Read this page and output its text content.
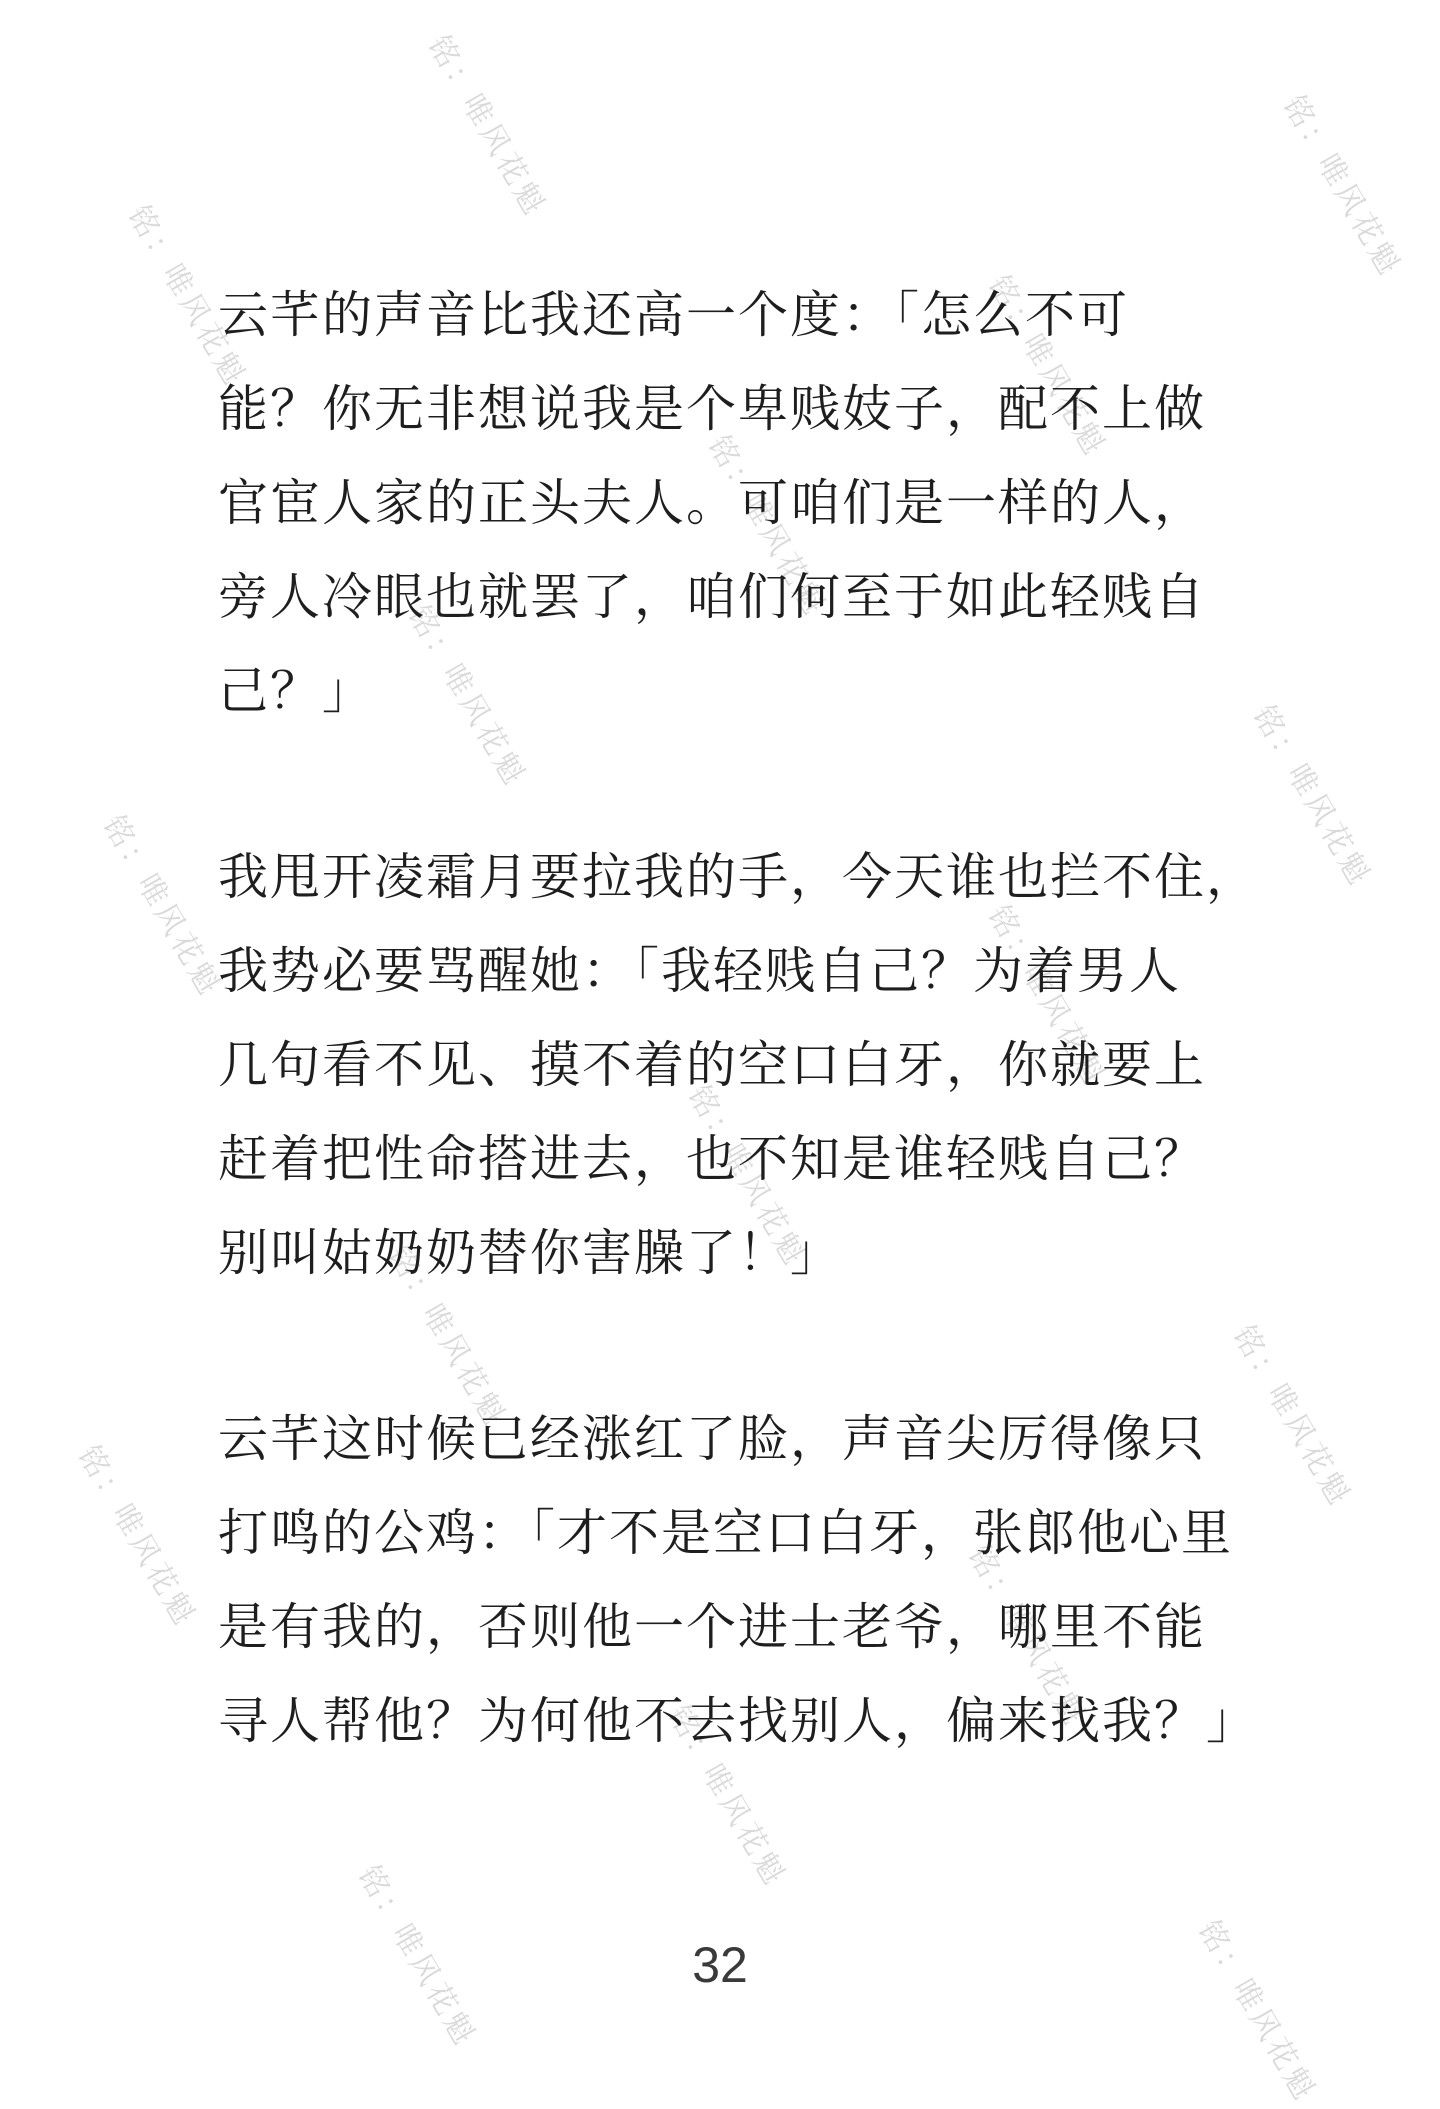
铭：唯风花魁	铭：唯风花魁
铭：唯风花魁	铭：唯风花魁
铭：唯风花魁
铭：唯风花魁
铭：唯风花魁
铭：唯风花魁	铭：唯风花魁
铭：唯风花魁
铭：唯风花魁	铭：唯风花魁
铭：唯风花魁
铭：唯风花魁
铭：唯风花魁
铭：唯风花魁	铭：唯风花魁
云芊的声音比我还高一个度：「怎么不可
能？你无非想说我是个卑贱妓子，配不上做
官宦人家的正头夫人。可咱们是一样的人，
旁人冷眼也就罢了，咱们何至于如此轻贱自
己？」
我甩开凌霜月要拉我的手，今天谁也拦不住，
我势必要骂醒她：「我轻贱自己？为着男人
几句看不见、摸不着的空口白牙，你就要上
赶着把性命搭进去，也不知是谁轻贱自己？
别叫姑奶奶替你害臊了！」
云芊这时候已经涨红了脸，声音尖厉得像只
打鸣的公鸡：「才不是空口白牙，张郎他心里
是有我的，否则他一个进士老爷，哪里不能
寻人帮他？为何他不去找别人，偏来找我？」
32
